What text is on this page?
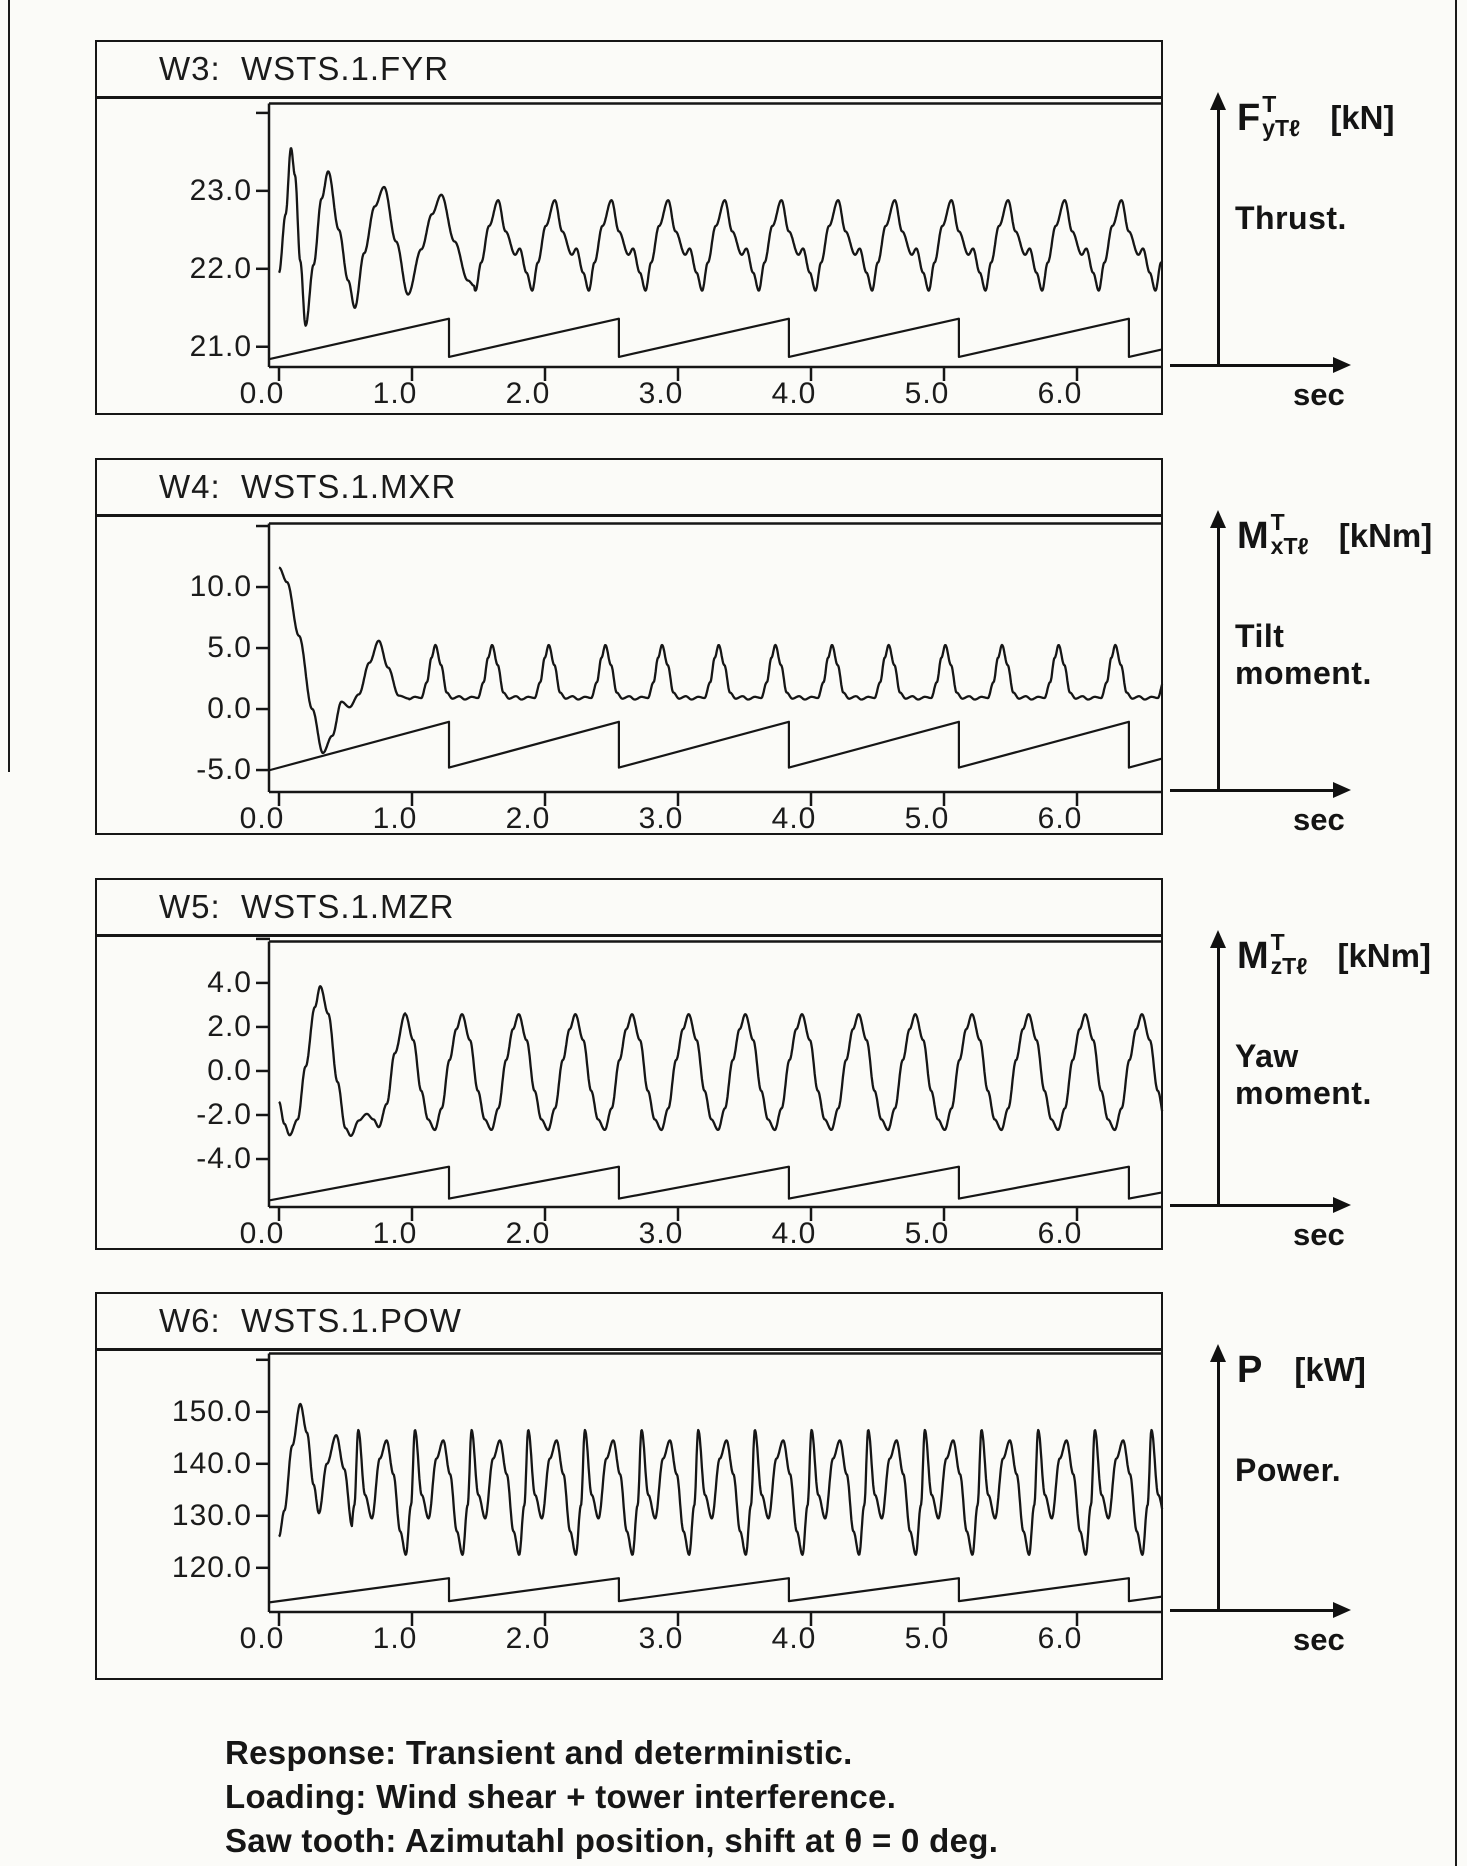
W3:  WSTS.1.FYR
23.0
22.0
21.0
0.0	1.0	2.0	3.0	4.0	5.0	6.0
F T
yTℓ [kN]
Thrust.
sec
W4:  WSTS.1.MXR
10.0
5.0
0.0
-5.0
0.0	1.0	2.0	3.0	4.0	5.0	6.0
M T
xTℓ [kNm]
Tilt moment.
sec
W5:  WSTS.1.MZR
4.0
2.0
0.0
-2.0
-4.0
0.0	1.0	2.0	3.0	4.0	5.0	6.0
M T
zTℓ [kNm]
Yaw moment.
sec
W6:  WSTS.1.POW
150.0
140.0
130.0
120.0
0.0	1.0	2.0	3.0	4.0	5.0	6.0
P [kW]
Power.
sec
Response: Transient and deterministic.
Loading: Wind shear + tower interference.
Saw tooth: Azimutahl position, shift at θ = 0 deg.
